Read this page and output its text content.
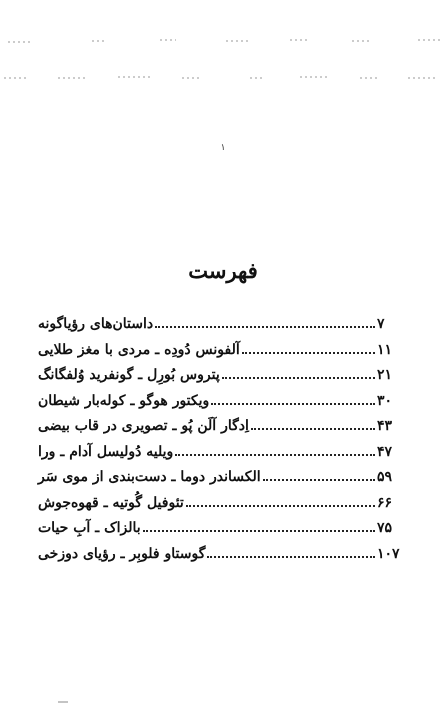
۱
فهرست
داستان‌های رؤیاگونه	۷
آلفونس دُودِه ـ مردی با مغز طلایی	۱۱
پتروس بُورِل ـ گونفرید وُلفگانگ	۲۱
ویکتور هوگو ـ کوله‌بار شیطان	۳۰
اِدگار آلَن پُو ـ تصویری در قاب بیضی	۴۳
ویلیه دُولیسل آدام ـ ورا	۴۷
الکساندر دوما ـ دست‌بندی از موی سَر	۵۹
تئوفیل گُوتیه ـ قهوه‌جوش	۶۶
بالزاک ـ آبِ حیات	۷۵
گوستاو فلوبِر ـ رؤیای دوزخی	۱۰۷
